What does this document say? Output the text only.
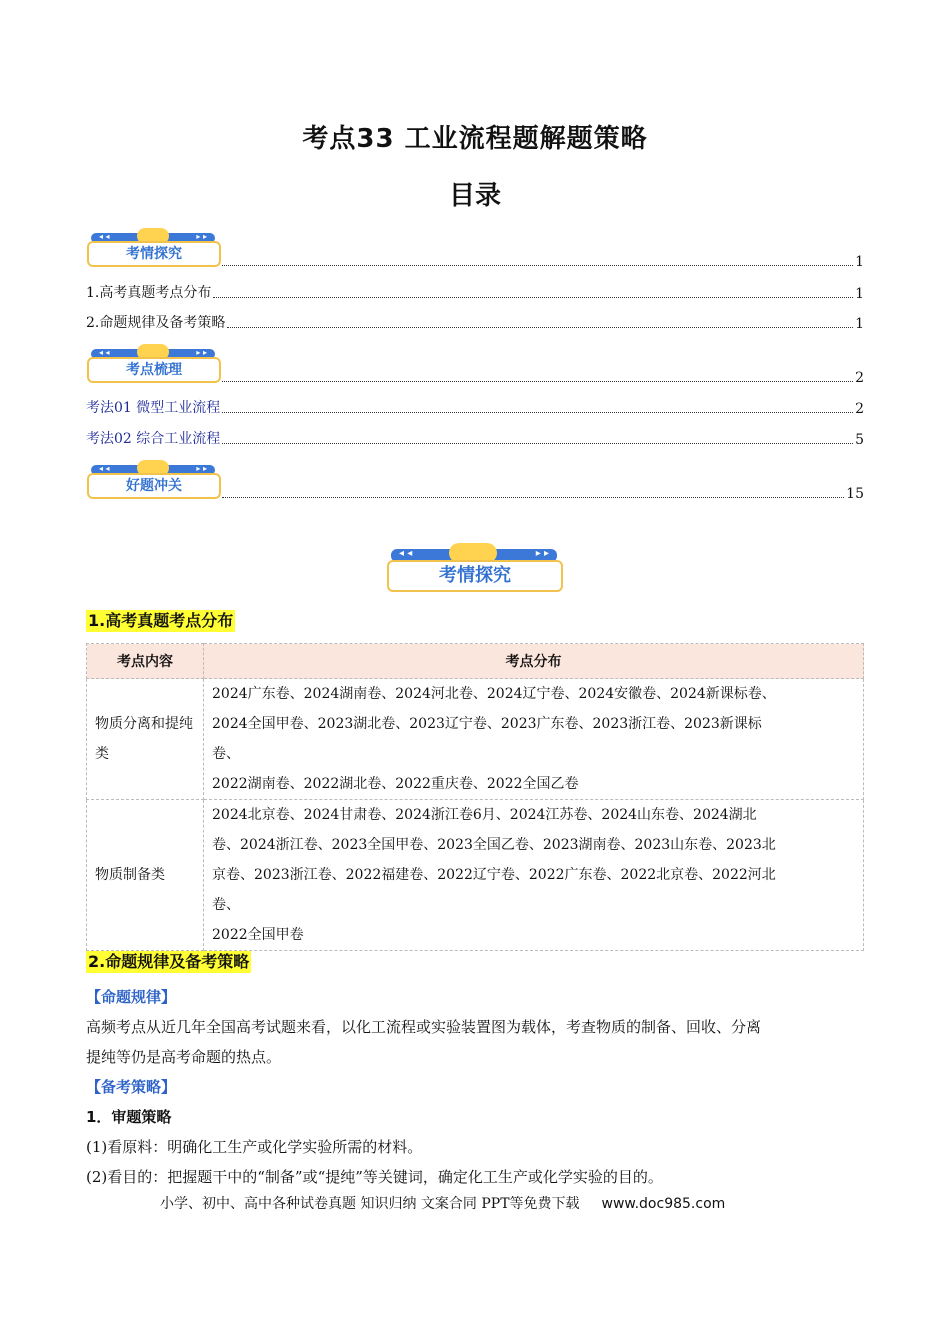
考点33 工业流程题解题策略
目录
◂ ◂	▸ ▸
考情探究	1
1.高考真题考点分布	1
2.命题规律及备考策略	1
◂ ◂	▸ ▸
考点梳理	2
考法01 微型工业流程	2
考法02 综合工业流程	5
◂ ◂	▸ ▸
好题冲关	15
◂ ◂	▸ ▸
考情探究
1.高考真题考点分布
考点内容	考点分布
物质分离和提纯类	2024广东卷、2024湖南卷、2024河北卷、2024辽宁卷、2024安徽卷、2024新课标卷、
2024全国甲卷、2023湖北卷、2023辽宁卷、2023广东卷、2023浙江卷、2023新课标
卷、
2022湖南卷、2022湖北卷、2022重庆卷、2022全国乙卷

物质制备类	2024北京卷、2024甘肃卷、2024浙江卷6月、2024江苏卷、2024山东卷、2024湖北
卷、2024浙江卷、2023全国甲卷、2023全国乙卷、2023湖南卷、2023山东卷、2023北
京卷、2023浙江卷、2022福建卷、2022辽宁卷、2022广东卷、2022北京卷、2022河北
卷、
2022全国甲卷
2.命题规律及备考策略
【命题规律】
高频考点从近几年全国高考试题来看，以化工流程或实验装置图为载体，考查物质的制备、回收、分离
提纯等仍是高考命题的热点。
【备考策略】
1．审题策略
(1)看原料：明确化工生产或化学实验所需的材料。
(2)看目的：把握题干中的“制备”或“提纯”等关键词，确定化工生产或化学实验的目的。
小学、初中、高中各种试卷真题 知识归纳 文案合同 PPT等免费下载 www.doc985.com
